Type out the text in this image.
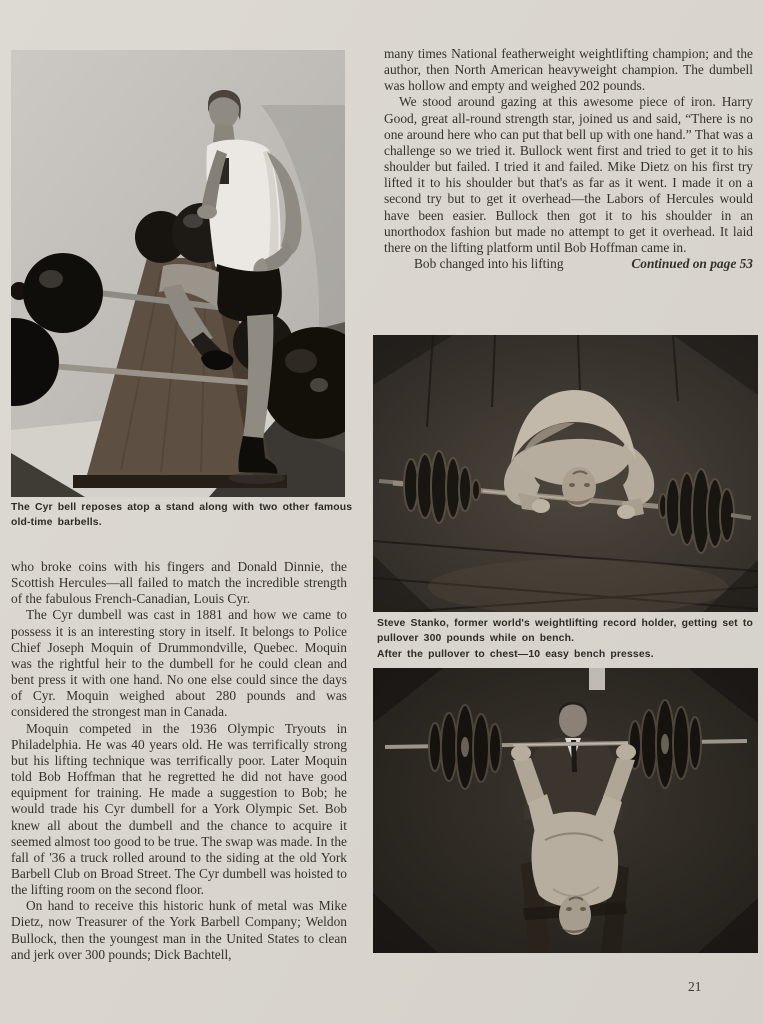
The Cyr bell reposes atop a stand along with two other famous old-time barbells.

who broke coins with his fingers and Donald Dinnie, the Scottish Hercules—all failed to match the incredible strength of the fabulous French-Canadian, Louis Cyr.

The Cyr dumbell was cast in 1881 and how we came to possess it is an interesting story in itself. It belongs to Police Chief Joseph Moquin of Drummondville, Quebec. Moquin was the rightful heir to the dumbell for he could clean and bent press it with one hand. No one else could since the days of Cyr. Moquin weighed about 280 pounds and was considered the strongest man in Canada.

Moquin competed in the 1936 Olympic Tryouts in Philadelphia. He was 40 years old. He was terrifically strong but his lifting technique was terrifically poor. Later Moquin told Bob Hoffman that he regretted he did not have good equipment for training. He made a suggestion to Bob; he would trade his Cyr dumbell for a York Olympic Set. Bob knew all about the dumbell and the chance to acquire it seemed almost too good to be true. The swap was made. In the fall of '36 a truck rolled around to the siding at the old York Barbell Club on Broad Street. The Cyr dumbell was hoisted to the lifting room on the second floor.

On hand to receive this historic hunk of metal was Mike Dietz, now Treasurer of the York Barbell Company; Weldon Bullock, then the youngest man in the United States to clean and jerk over 300 pounds; Dick Bachtell,

many times National featherweight weightlifting champion; and the author, then North American heavyweight champion. The dumbell was hollow and empty and weighed 202 pounds.

We stood around gazing at this awesome piece of iron. Harry Good, great all-round strength star, joined us and said, “There is no one around here who can put that bell up with one hand.” That was a challenge so we tried it. Bullock went first and tried to get it to his shoulder but failed. I tried it and failed. Mike Dietz on his first try lifted it to his shoulder but that's as far as it went. I made it on a second try but to get it overhead—the Labors of Hercules would have been easier. Bullock then got it to his shoulder in an unorthodox fashion but made no attempt to get it overhead. It laid there on the lifting platform until Bob Hoffman came in.

Bob changed into his lifting	Continued on page 53

Steve Stanko, former world's weightlifting record holder, getting set to pullover 300 pounds while on bench.
After the pullover to chest—10 easy bench presses.
21
